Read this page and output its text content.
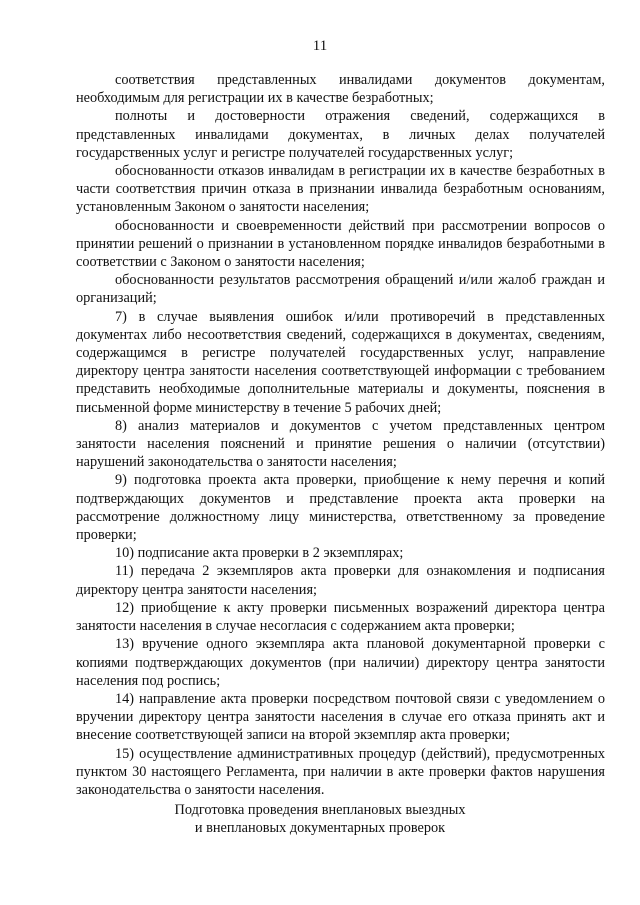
11

соответствия представленных инвалидами документов документам, необходимым для регистрации их в качестве безработных;

полноты и достоверности отражения сведений, содержащихся в представленных инвалидами документах, в личных делах получателей государственных услуг и регистре получателей государственных услуг;

обоснованности отказов инвалидам в регистрации их в качестве безработных в части соответствия причин отказа в признании инвалида безработным основаниям, установленным Законом о занятости населения;

обоснованности и своевременности действий при рассмотрении вопросов о принятии решений о признании в установленном порядке инвалидов безработными в соответствии с Законом о занятости населения;

обоснованности результатов рассмотрения обращений и/или жалоб граждан и организаций;

7) в случае выявления ошибок и/или противоречий в представленных документах либо несоответствия сведений, содержащихся в документах, сведениям, содержащимся в регистре получателей государственных услуг, направление директору центра занятости населения соответствующей информации с требованием представить необходимые дополнительные материалы и документы, пояснения в письменной форме министерству в течение 5 рабочих дней;

8) анализ материалов и документов с учетом представленных центром занятости населения пояснений и принятие решения о наличии (отсутствии) нарушений законодательства о занятости населения;

9) подготовка проекта акта проверки, приобщение к нему перечня и копий подтверждающих документов и представление проекта акта проверки на рассмотрение должностному лицу министерства, ответственному за проведение проверки;

10) подписание акта проверки в 2 экземплярах;

11) передача 2 экземпляров акта проверки для ознакомления и подписания директору центра занятости населения;

12) приобщение к акту проверки письменных возражений директора центра занятости населения в случае несогласия с содержанием акта проверки;

13) вручение одного экземпляра акта плановой документарной проверки с копиями подтверждающих документов (при наличии) директору центра занятости населения под роспись;

14) направление акта проверки посредством почтовой связи с уведомлением о вручении директору центра занятости населения в случае его отказа принять акт и внесение соответствующей записи на второй экземпляр акта проверки;

15) осуществление административных процедур (действий), предусмотренных пунктом 30 настоящего Регламента, при наличии в акте проверки фактов нарушения законодательства о занятости населения.

Подготовка проведения внеплановых выездных
и внеплановых документарных проверок
